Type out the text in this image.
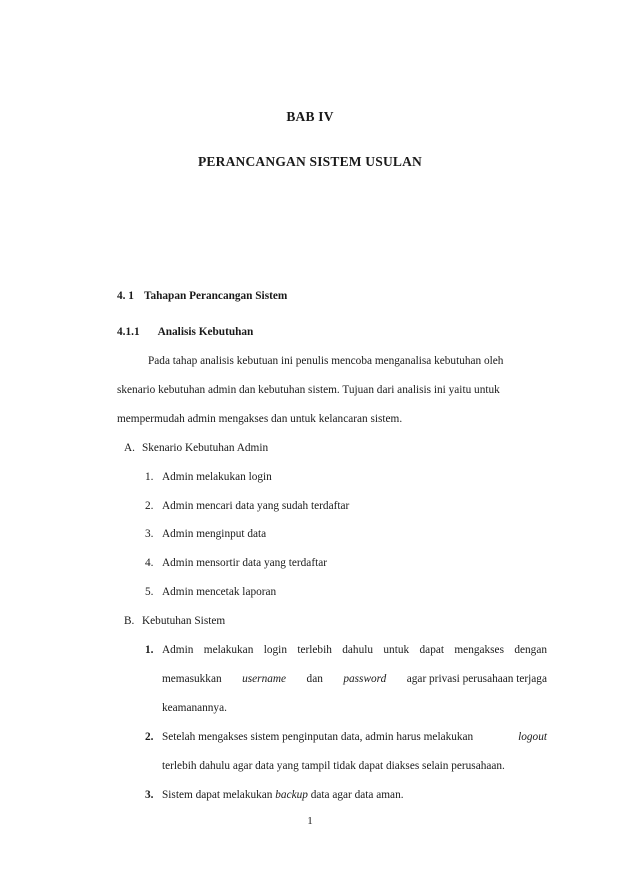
BAB IV
PERANCANGAN SISTEM USULAN
4. 1 Tahapan Perancangan Sistem
4.1.1 Analisis Kebutuhan
Pada tahap analisis kebutuan ini penulis mencoba menganalisa kebutuhan oleh
skenario kebutuhan admin dan kebutuhan sistem. Tujuan dari analisis ini yaitu untuk
mempermudah admin mengakses dan untuk kelancaran sistem.
A. Skenario Kebutuhan Admin
1. Admin melakukan login
2. Admin mencari data yang sudah terdaftar
3. Admin menginput data
4. Admin mensortir data yang terdaftar
5. Admin mencetak laporan
B. Kebutuhan Sistem
1. Admin melakukan login terlebih dahulu untuk dapat mengakses dengan
memasukkan username dan password agar privasi perusahaan terjaga
keamanannya.
2. Setelah mengakses sistem penginputan data, admin harus melakukan	logout
terlebih dahulu agar data yang tampil tidak dapat diakses selain perusahaan.
3. Sistem dapat melakukan backup data agar data aman.
1
